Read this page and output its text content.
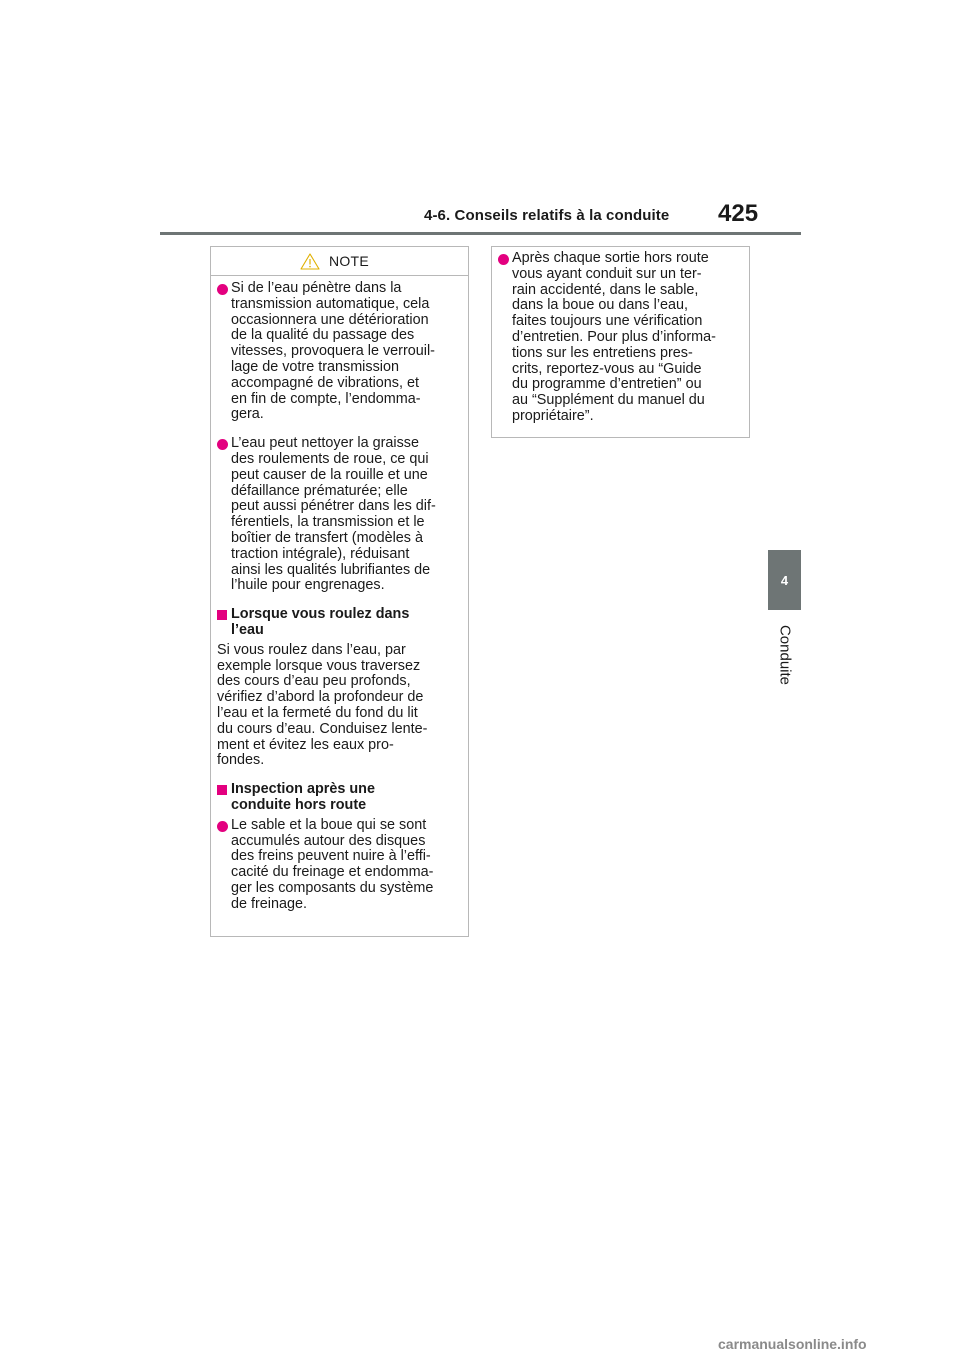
4-6. Conseils relatifs à la conduite 425
4
Conduite
NOTE
Si de l’eau pénètre dans la
transmission automatique, cela
occasionnera une détérioration
de la qualité du passage des
vitesses, provoquera le verrouil-
lage de votre transmission
accompagné de vibrations, et
en fin de compte, l’endomma-
gera.
L’eau peut nettoyer la graisse
des roulements de roue, ce qui
peut causer de la rouille et une
défaillance prématurée; elle
peut aussi pénétrer dans les dif-
férentiels, la transmission et le
boîtier de transfert (modèles à
traction intégrale), réduisant
ainsi les qualités lubrifiantes de
l’huile pour engrenages.
Lorsque vous roulez dans
l’eau
Si vous roulez dans l’eau, par
exemple lorsque vous traversez
des cours d’eau peu profonds,
vérifiez d’abord la profondeur de
l’eau et la fermeté du fond du lit
du cours d’eau. Conduisez lente-
ment et évitez les eaux pro-
fondes.
Inspection après une
conduite hors route
Le sable et la boue qui se sont
accumulés autour des disques
des freins peuvent nuire à l’effi-
cacité du freinage et endomma-
ger les composants du système
de freinage.
Après chaque sortie hors route
vous ayant conduit sur un ter-
rain accidenté, dans le sable,
dans la boue ou dans l’eau,
faites toujours une vérification
d’entretien. Pour plus d’informa-
tions sur les entretiens pres-
crits, reportez-vous au “Guide
du programme d’entretien” ou
au “Supplément du manuel du
propriétaire”.
carmanualsonline.info
